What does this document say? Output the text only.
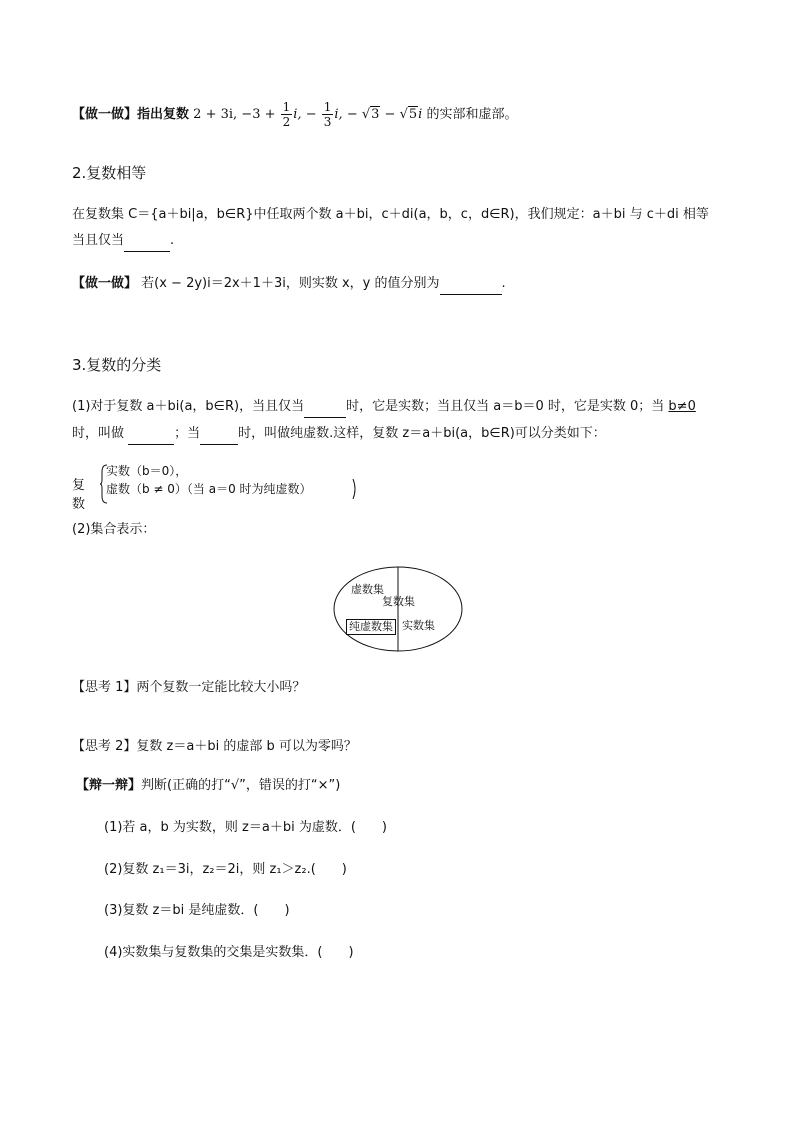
【做一做】指出复数 2 + 3i, $-3 + \frac{1}{2} i$, − $\frac{1}{3} i$, − √3 − √5i 的实部和虚部。
2.复数相等
在复数集 C＝{a＋bi|a，b∈R}中任取两个数 a＋bi，c＋di(a，b，c，d∈R)，我们规定：a＋bi 与 c＋di 相等
当且仅当	.
【做一做】 若(x − 2y)i＝2x＋1＋3i，则实数 x，y 的值分别为	.
3.复数的分类
(1)对于复数 a＋bi(a，b∈R)，当且仅当	时，它是实数；当且仅当 a＝b＝0 时，它是实数 0；当 b≠0
时，叫做	；当	时，叫做纯虚数.这样，复数 z＝a＋bi(a，b∈R)可以分类如下：
复数
实数（b＝0），
虚数（b ≠ 0）（当 a＝0 时为纯虚数）
(2)集合表示：
虚数集
复数集
纯虚数集 实数集
【思考 1】两个复数一定能比较大小吗？
【思考 2】复数 z＝a＋bi 的虚部 b 可以为零吗？
【辩一辩】判断(正确的打“√”，错误的打“×”)
(1)若 a，b 为实数，则 z＝a＋bi 为虚数．(　　)
(2)复数 z₁＝3i，z₂＝2i，则 z₁＞z₂.(　　)
(3)复数 z＝bi 是纯虚数．(　　)
(4)实数集与复数集的交集是实数集．(　　)
